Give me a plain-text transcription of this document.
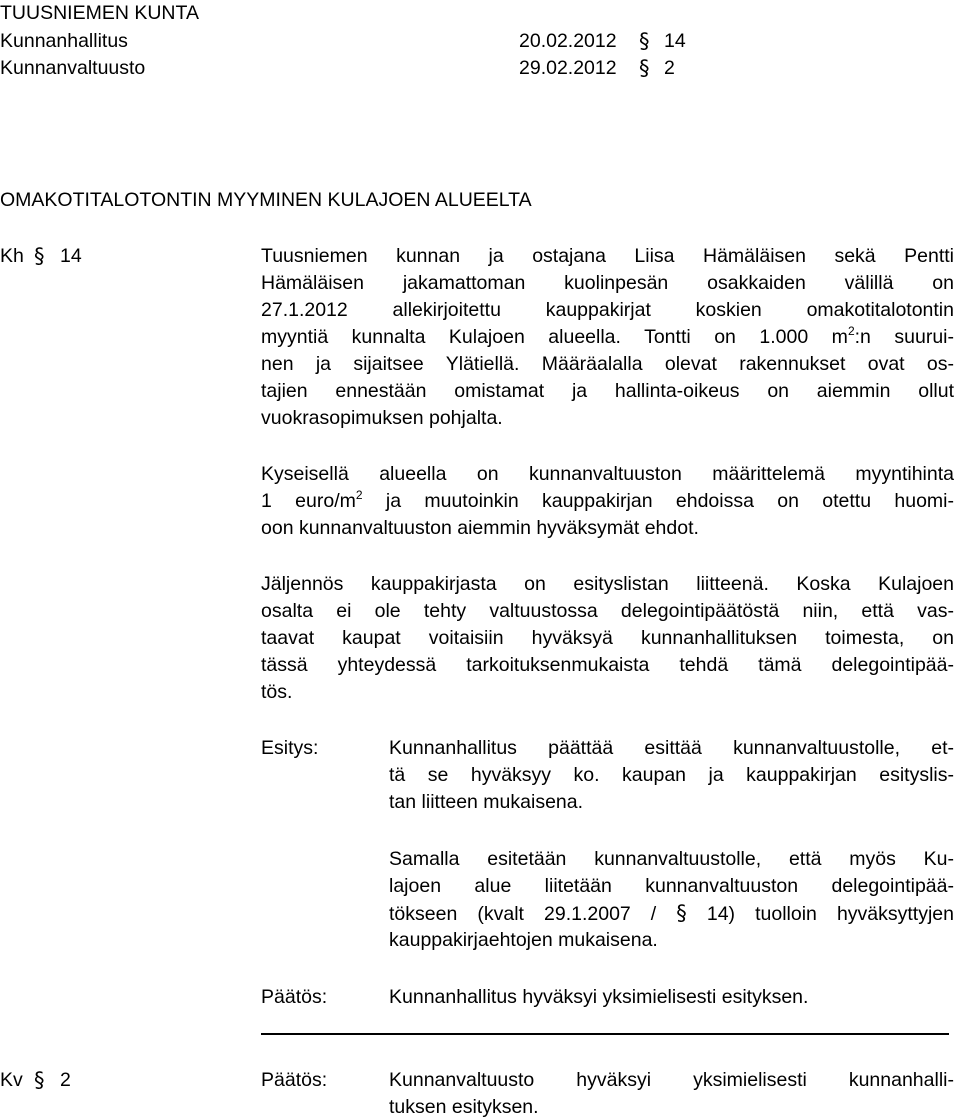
TUUSNIEMEN KUNTA
Kunnanhallitus	20.02.2012 § 14
Kunnanvaltuusto	29.02.2012 § 2
OMAKOTITALOTONTIN MYYMINEN KULAJOEN ALUEELTA
Kh § 14	Tuusniemen kunnan ja ostajana Liisa Hämäläisen sekä Pentti
Hämäläisen jakamattoman kuolinpesän osakkaiden välillä on
27.1.2012 allekirjoitettu kauppakirjat koskien omakotitalotontin
myyntiä kunnalta Kulajoen alueella. Tontti on 1.000 $m^2:n$ suurui-
nen ja sijaitsee Ylätiellä. Määräalalla olevat rakennukset ovat os-
tajien ennestään omistamat ja hallinta-oikeus on aiemmin ollut
vuokrasopimuksen pohjalta.
Kyseisellä alueella on kunnanvaltuuston määrittelemä myyntihinta
1 euro/$m^2$ ja muutoinkin kauppakirjan ehdoissa on otettu huomi-
oon kunnanvaltuuston aiemmin hyväksymät ehdot.
Jäljennös kauppakirjasta on esityslistan liitteenä. Koska Kulajoen
osalta ei ole tehty valtuustossa delegointipäätöstä niin, että vas-
taavat kaupat voitaisiin hyväksyä kunnanhallituksen toimesta, on
tässä yhteydessä tarkoituksenmukaista tehdä tämä delegointipää-
tös.
Esitys:	Kunnanhallitus päättää esittää kunnanvaltuustolle, et-
tä se hyväksyy ko. kaupan ja kauppakirjan esityslis-
tan liitteen mukaisena.
Samalla esitetään kunnanvaltuustolle, että myös Ku-
lajoen alue liitetään kunnanvaltuuston delegointipää-
tökseen (kvalt 29.1.2007 / § 14) tuolloin hyväksyttyjen
kauppakirjaehtojen mukaisena.
Päätös:	Kunnanhallitus hyväksyi yksimielisesti esityksen.
Kv § 2	Päätös:	Kunnanvaltuusto hyväksyi yksimielisesti kunnanhalli-
tuksen esityksen.
